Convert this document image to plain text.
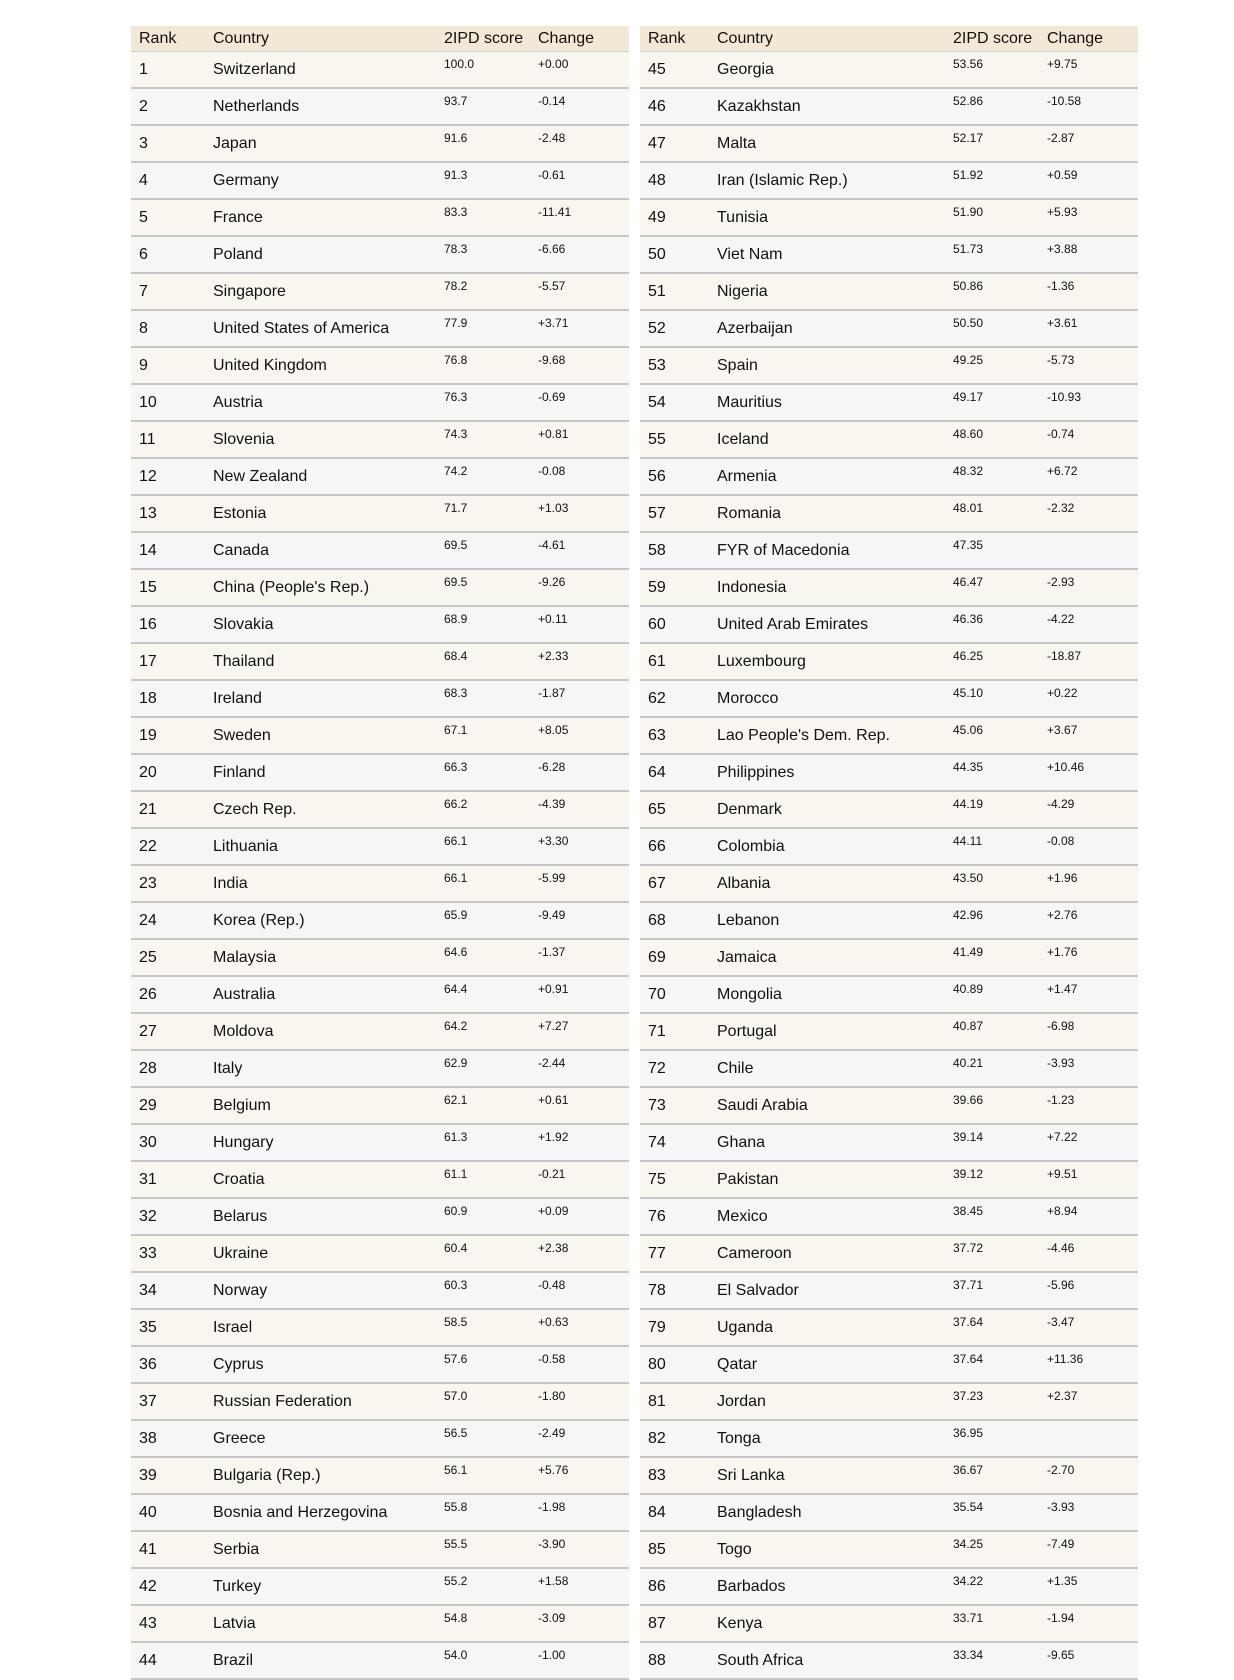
Rank	Country	2IPD score	Change
1	Switzerland	100.0	+0.00
2	Netherlands	93.7	-0.14
3	Japan	91.6	-2.48
4	Germany	91.3	-0.61
5	France	83.3	-11.41
6	Poland	78.3	-6.66
7	Singapore	78.2	-5.57
8	United States of America	77.9	+3.71
9	United Kingdom	76.8	-9.68
10	Austria	76.3	-0.69
11	Slovenia	74.3	+0.81
12	New Zealand	74.2	-0.08
13	Estonia	71.7	+1.03
14	Canada	69.5	-4.61
15	China (People's Rep.)	69.5	-9.26
16	Slovakia	68.9	+0.11
17	Thailand	68.4	+2.33
18	Ireland	68.3	-1.87
19	Sweden	67.1	+8.05
20	Finland	66.3	-6.28
21	Czech Rep.	66.2	-4.39
22	Lithuania	66.1	+3.30
23	India	66.1	-5.99
24	Korea (Rep.)	65.9	-9.49
25	Malaysia	64.6	-1.37
26	Australia	64.4	+0.91
27	Moldova	64.2	+7.27
28	Italy	62.9	-2.44
29	Belgium	62.1	+0.61
30	Hungary	61.3	+1.92
31	Croatia	61.1	-0.21
32	Belarus	60.9	+0.09
33	Ukraine	60.4	+2.38
34	Norway	60.3	-0.48
35	Israel	58.5	+0.63
36	Cyprus	57.6	-0.58
37	Russian Federation	57.0	-1.80
38	Greece	56.5	-2.49
39	Bulgaria (Rep.)	56.1	+5.76
40	Bosnia and Herzegovina	55.8	-1.98
41	Serbia	55.5	-3.90
42	Turkey	55.2	+1.58
43	Latvia	54.8	-3.09
44	Brazil	54.0	-1.00
Rank	Country	2IPD score	Change
45	Georgia	53.56	+9.75
46	Kazakhstan	52.86	-10.58
47	Malta	52.17	-2.87
48	Iran (Islamic Rep.)	51.92	+0.59
49	Tunisia	51.90	+5.93
50	Viet Nam	51.73	+3.88
51	Nigeria	50.86	-1.36
52	Azerbaijan	50.50	+3.61
53	Spain	49.25	-5.73
54	Mauritius	49.17	-10.93
55	Iceland	48.60	-0.74
56	Armenia	48.32	+6.72
57	Romania	48.01	-2.32
58	FYR of Macedonia	47.35	
59	Indonesia	46.47	-2.93
60	United Arab Emirates	46.36	-4.22
61	Luxembourg	46.25	-18.87
62	Morocco	45.10	+0.22
63	Lao People's Dem. Rep.	45.06	+3.67
64	Philippines	44.35	+10.46
65	Denmark	44.19	-4.29
66	Colombia	44.11	-0.08
67	Albania	43.50	+1.96
68	Lebanon	42.96	+2.76
69	Jamaica	41.49	+1.76
70	Mongolia	40.89	+1.47
71	Portugal	40.87	-6.98
72	Chile	40.21	-3.93
73	Saudi Arabia	39.66	-1.23
74	Ghana	39.14	+7.22
75	Pakistan	39.12	+9.51
76	Mexico	38.45	+8.94
77	Cameroon	37.72	-4.46
78	El Salvador	37.71	-5.96
79	Uganda	37.64	-3.47
80	Qatar	37.64	+11.36
81	Jordan	37.23	+2.37
82	Tonga	36.95	
83	Sri Lanka	36.67	-2.70
84	Bangladesh	35.54	-3.93
85	Togo	34.25	-7.49
86	Barbados	34.22	+1.35
87	Kenya	33.71	-1.94
88	South Africa	33.34	-9.65
